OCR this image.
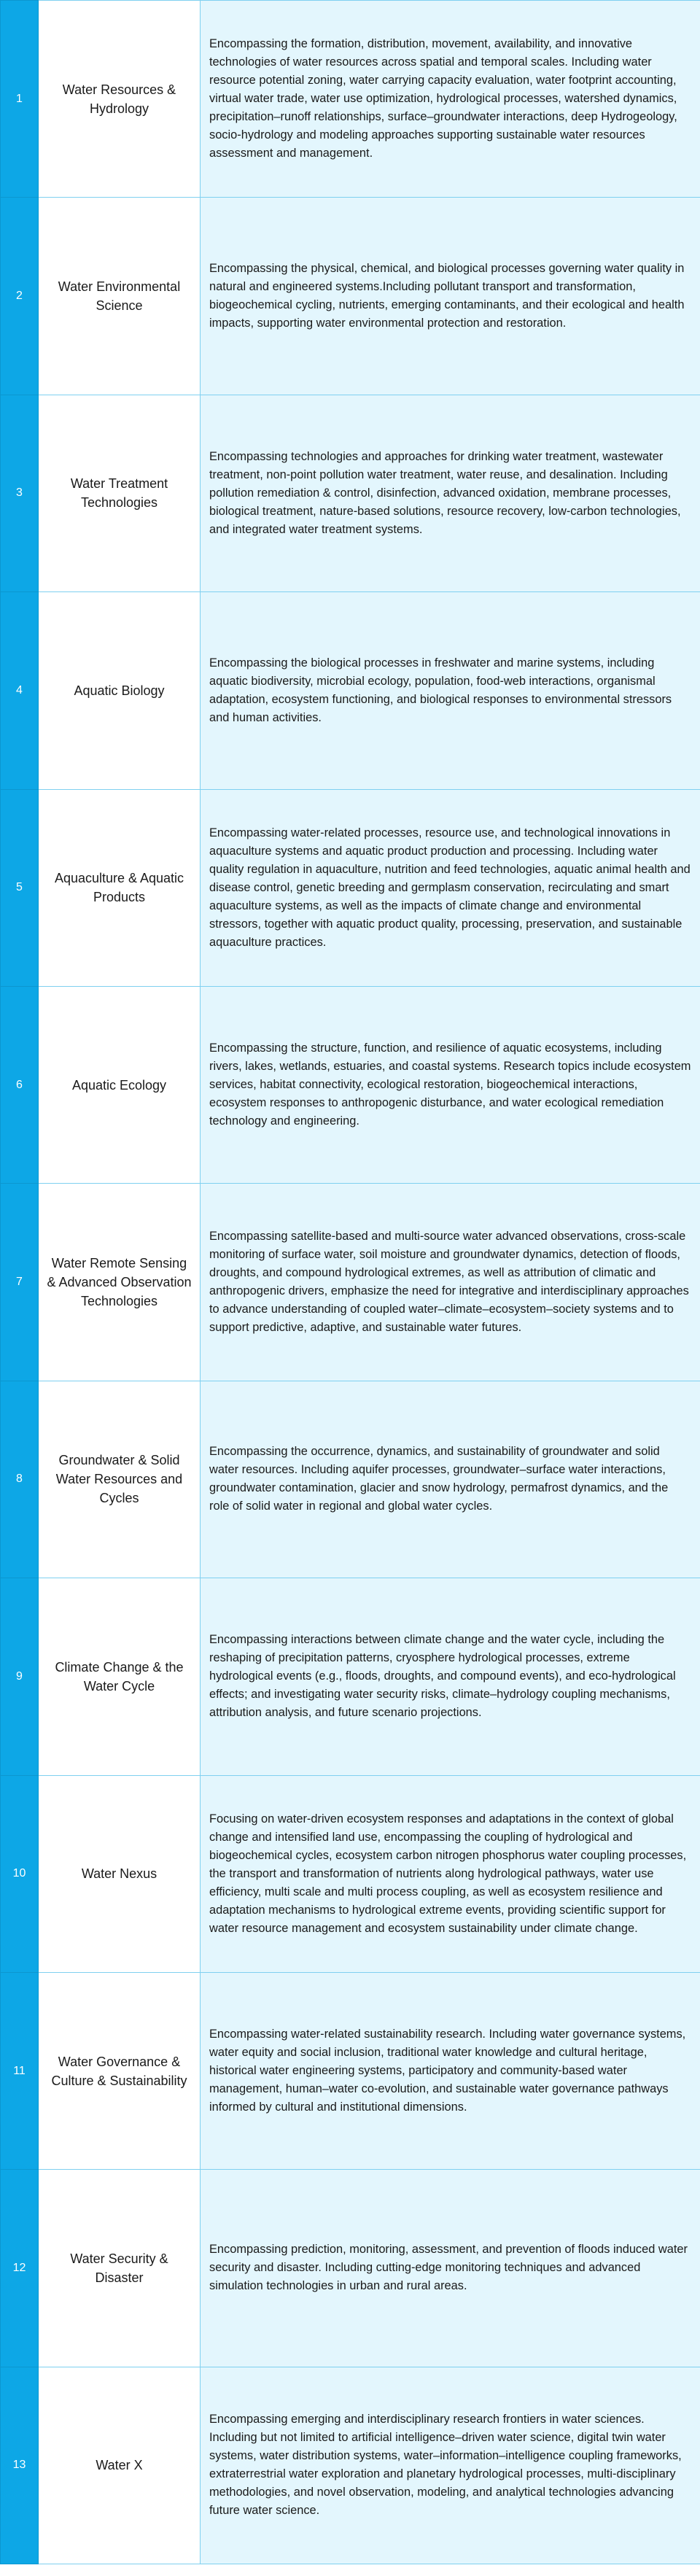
1	Water Resources & Hydrology	Encompassing the formation, distribution, movement, availability, and innovative technologies of water resources across spatial and temporal scales. Including water resource potential zoning, water carrying capacity evaluation, water footprint accounting, virtual water trade, water use optimization, hydrological processes, watershed dynamics, precipitation–runoff relationships, surface–groundwater interactions, deep Hydrogeology, socio-hydrology and modeling approaches supporting sustainable water resources assessment and management.
2	Water Environmental Science	Encompassing the physical, chemical, and biological processes governing water quality in natural and engineered systems.Including pollutant transport and transformation, biogeochemical cycling, nutrients, emerging contaminants, and their ecological and health impacts, supporting water environmental protection and restoration.
3	Water Treatment Technologies	Encompassing technologies and approaches for drinking water treatment, wastewater treatment, non-point pollution water treatment, water reuse, and desalination. Including pollution remediation & control, disinfection, advanced oxidation, membrane processes, biological treatment, nature-based solutions, resource recovery, low-carbon technologies, and integrated water treatment systems.
4	Aquatic Biology	Encompassing the biological processes in freshwater and marine systems, including aquatic biodiversity, microbial ecology, population, food-web interactions, organismal adaptation, ecosystem functioning, and biological responses to environmental stressors and human activities.
5	Aquaculture & Aquatic Products	Encompassing water-related processes, resource use, and technological innovations in aquaculture systems and aquatic product production and processing. Including water quality regulation in aquaculture, nutrition and feed technologies, aquatic animal health and disease control, genetic breeding and germplasm conservation, recirculating and smart aquaculture systems, as well as the impacts of climate change and environmental stressors, together with aquatic product quality, processing, preservation, and sustainable aquaculture practices.
6	Aquatic Ecology	Encompassing the structure, function, and resilience of aquatic ecosystems, including rivers, lakes, wetlands, estuaries, and coastal systems. Research topics include ecosystem services, habitat connectivity, ecological restoration, biogeochemical interactions, ecosystem responses to anthropogenic disturbance, and water ecological remediation technology and engineering.
7	Water Remote Sensing & Advanced Observation Technologies	Encompassing satellite-based and multi-source water advanced observations, cross-scale monitoring of surface water, soil moisture and groundwater dynamics, detection of floods, droughts, and compound hydrological extremes, as well as attribution of climatic and anthropogenic drivers, emphasize the need for integrative and interdisciplinary approaches to advance understanding of coupled water–climate–ecosystem–society systems and to support predictive, adaptive, and sustainable water futures.
8	Groundwater & Solid Water Resources and Cycles	Encompassing the occurrence, dynamics, and sustainability of groundwater and solid water resources. Including aquifer processes, groundwater–surface water interactions, groundwater contamination, glacier and snow hydrology, permafrost dynamics, and the role of solid water in regional and global water cycles.
9	Climate Change & the Water Cycle	Encompassing interactions between climate change and the water cycle, including the reshaping of precipitation patterns, cryosphere hydrological processes, extreme hydrological events (e.g., floods, droughts, and compound events), and eco-hydrological effects; and investigating water security risks, climate–hydrology coupling mechanisms, attribution analysis, and future scenario projections.
10	Water Nexus	Focusing on water-driven ecosystem responses and adaptations in the context of global change and intensified land use, encompassing the coupling of hydrological and biogeochemical cycles, ecosystem carbon nitrogen phosphorus water coupling processes, the transport and transformation of nutrients along hydrological pathways, water use efficiency, multi scale and multi process coupling, as well as ecosystem resilience and adaptation mechanisms to hydrological extreme events, providing scientific support for water resource management and ecosystem sustainability under climate change.
11	Water Governance & Culture & Sustainability	Encompassing water-related sustainability research. Including water governance systems, water equity and social inclusion, traditional water knowledge and cultural heritage, historical water engineering systems, participatory and community-based water management, human–water co-evolution, and sustainable water governance pathways informed by cultural and institutional dimensions.
12	Water Security & Disaster	Encompassing prediction, monitoring, assessment, and prevention of floods induced water security and disaster. Including cutting-edge monitoring techniques and advanced simulation technologies in urban and rural areas.
13	Water X	Encompassing emerging and interdisciplinary research frontiers in water sciences. Including but not limited to artificial intelligence–driven water science, digital twin water systems, water distribution systems, water–information–intelligence coupling frameworks, extraterrestrial water exploration and planetary hydrological processes, multi-disciplinary methodologies, and novel observation, modeling, and analytical technologies advancing future water science.
